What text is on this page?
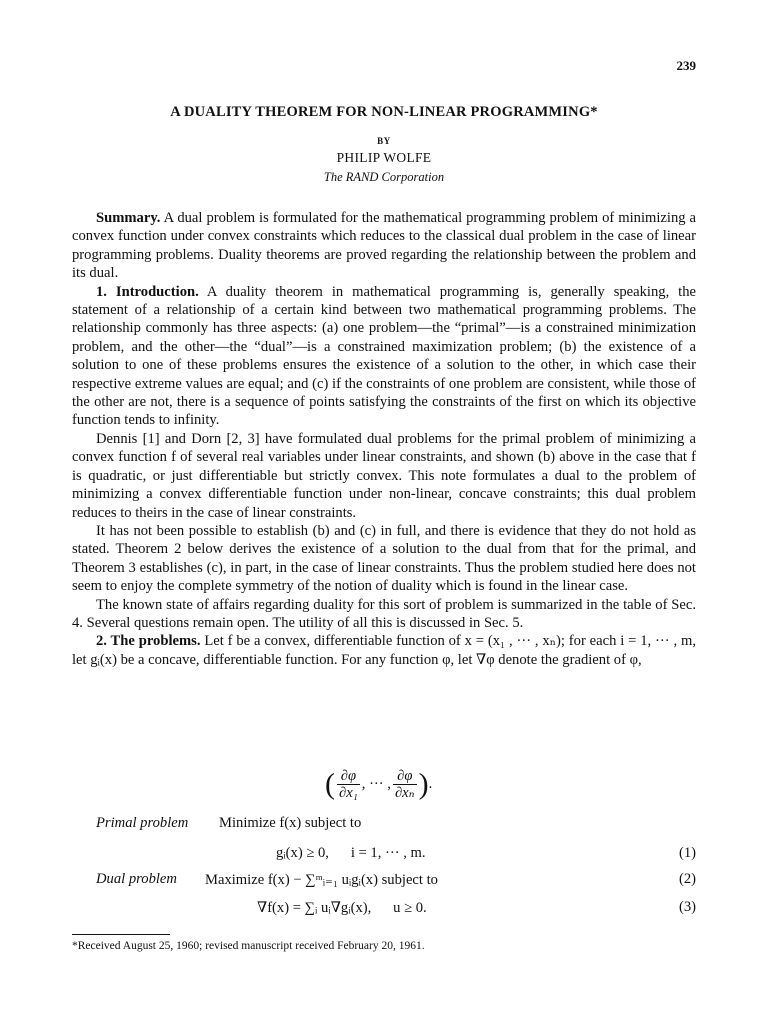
239
A DUALITY THEOREM FOR NON-LINEAR PROGRAMMING*
BY
PHILIP WOLFE
The RAND Corporation

Summary. A dual problem is formulated for the mathematical programming problem of minimizing a convex function under convex constraints which reduces to the classical dual problem in the case of linear programming problems. Duality theorems are proved regarding the relationship between the problem and its dual.

1. Introduction. A duality theorem in mathematical programming is, generally speaking, the statement of a relationship of a certain kind between two mathematical programming problems. The relationship commonly has three aspects: (a) one problem—the “primal”—is a constrained minimization problem, and the other—the “dual”—is a constrained maximization problem; (b) the existence of a solution to one of these problems ensures the existence of a solution to the other, in which case their respective extreme values are equal; and (c) if the constraints of one problem are consistent, while those of the other are not, there is a sequence of points satisfying the constraints of the first on which its objective function tends to infinity.

Dennis [1] and Dorn [2, 3] have formulated dual problems for the primal problem of minimizing a convex function f of several real variables under linear constraints, and shown (b) above in the case that f is quadratic, or just differentiable but strictly convex. This note formulates a dual to the problem of minimizing a convex differentiable function under non-linear, concave constraints; this dual problem reduces to theirs in the case of linear constraints.

It has not been possible to establish (b) and (c) in full, and there is evidence that they do not hold as stated. Theorem 2 below derives the existence of a solution to the dual from that for the primal, and Theorem 3 establishes (c), in part, in the case of linear constraints. Thus the problem studied here does not seem to enjoy the complete symmetry of the notion of duality which is found in the linear case.

The known state of affairs regarding duality for this sort of problem is summarized in the table of Sec. 4. Several questions remain open. The utility of all this is discussed in Sec. 5.

2. The problems. Let f be a convex, differentiable function of x = (x₁ , ··· , xₙ); for each i = 1, ··· , m, let gᵢ(x) be a concave, differentiable function. For any function φ, let ∇φ denote the gradient of φ,

( $\frac{\partial\varphi}{\text{∂x₁}}$ , ··· , $\frac{\partial\varphi}{\text{∂xₙ}}$ ).
Primal problem Minimize f(x) subject to
gᵢ(x) ≥ 0,      i = 1, ··· , m.	(1)
Dual problem Maximize f(x) − ∑ᵐᵢ₌₁ uᵢgᵢ(x) subject to	(2)
∇f(x) = ∑ᵢ uᵢ∇gᵢ(x),      u ≥ 0.	(3)
*Received August 25, 1960; revised manuscript received February 20, 1961.
